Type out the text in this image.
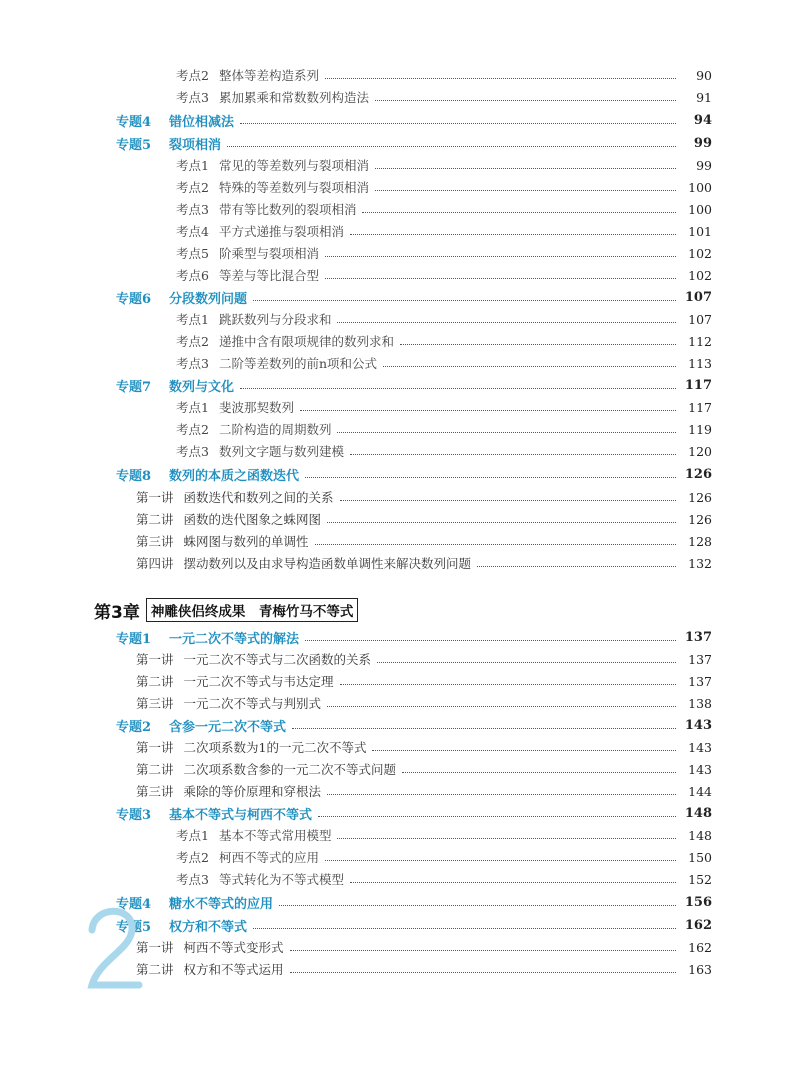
考点2 整体等差构造系列	90
考点3 累加累乘和常数数列构造法	91
专题4 错位相减法	94
专题5 裂项相消	99
考点1 常见的等差数列与裂项相消	99
考点2 特殊的等差数列与裂项相消	100
考点3 带有等比数列的裂项相消	100
考点4 平方式递推与裂项相消	101
考点5 阶乘型与裂项相消	102
考点6 等差与等比混合型	102
专题6 分段数列问题	107
考点1 跳跃数列与分段求和	107
考点2 递推中含有限项规律的数列求和	112
考点3 二阶等差数列的前n项和公式	113
专题7 数列与文化	117
考点1 斐波那契数列	117
考点2 二阶构造的周期数列	119
考点3 数列文字题与数列建模	120
专题8 数列的本质之函数迭代	126
第一讲 函数迭代和数列之间的关系	126
第二讲 函数的迭代图象之蛛网图	126
第三讲 蛛网图与数列的单调性	128
第四讲 摆动数列以及由求导构造函数单调性来解决数列问题	132
专题1 一元二次不等式的解法	137
第一讲 一元二次不等式与二次函数的关系	137
第二讲 一元二次不等式与韦达定理	137
第三讲 一元二次不等式与判别式	138
专题2 含参一元二次不等式	143
第一讲 二次项系数为1的一元二次不等式	143
第二讲 二次项系数含参的一元二次不等式问题	143
第三讲 乘除的等价原理和穿根法	144
专题3 基本不等式与柯西不等式	148
考点1 基本不等式常用模型	148
考点2 柯西不等式的应用	150
考点3 等式转化为不等式模型	152
专题4 糖水不等式的应用	156
专题5 权方和不等式	162
第一讲 柯西不等式变形式	162
第二讲 权方和不等式运用	163
第3章 神雕侠侣终成果　青梅竹马不等式
